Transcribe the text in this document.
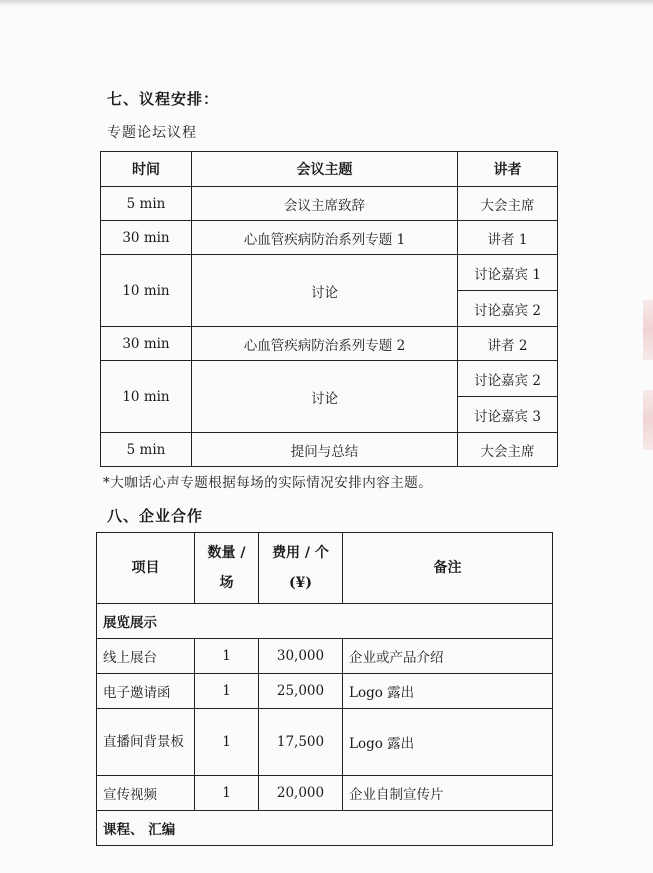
七、议程安排：
专题论坛议程
时间	会议主题	讲者
5 min	会议主席致辞	大会主席
30 min	心血管疾病防治系列专题 1	讲者 1
10 min	讨论	讨论嘉宾 1
		讨论嘉宾 2
30 min	心血管疾病防治系列专题 2	讲者 2
10 min	讨论	讨论嘉宾 2
		讨论嘉宾 3
5 min	提问与总结	大会主席
*大咖话心声专题根据每场的实际情况安排内容主题。
八、企业合作
项目	数量 / 场	费用 / 个 (¥)	备注
展览展示			
线上展台	1	30,000	企业或产品介绍
电子邀请函	1	25,000	Logo 露出
直播间背景板	1	17,500	Logo 露出
宣传视频	1	20,000	企业自制宣传片
课程、 汇编			
